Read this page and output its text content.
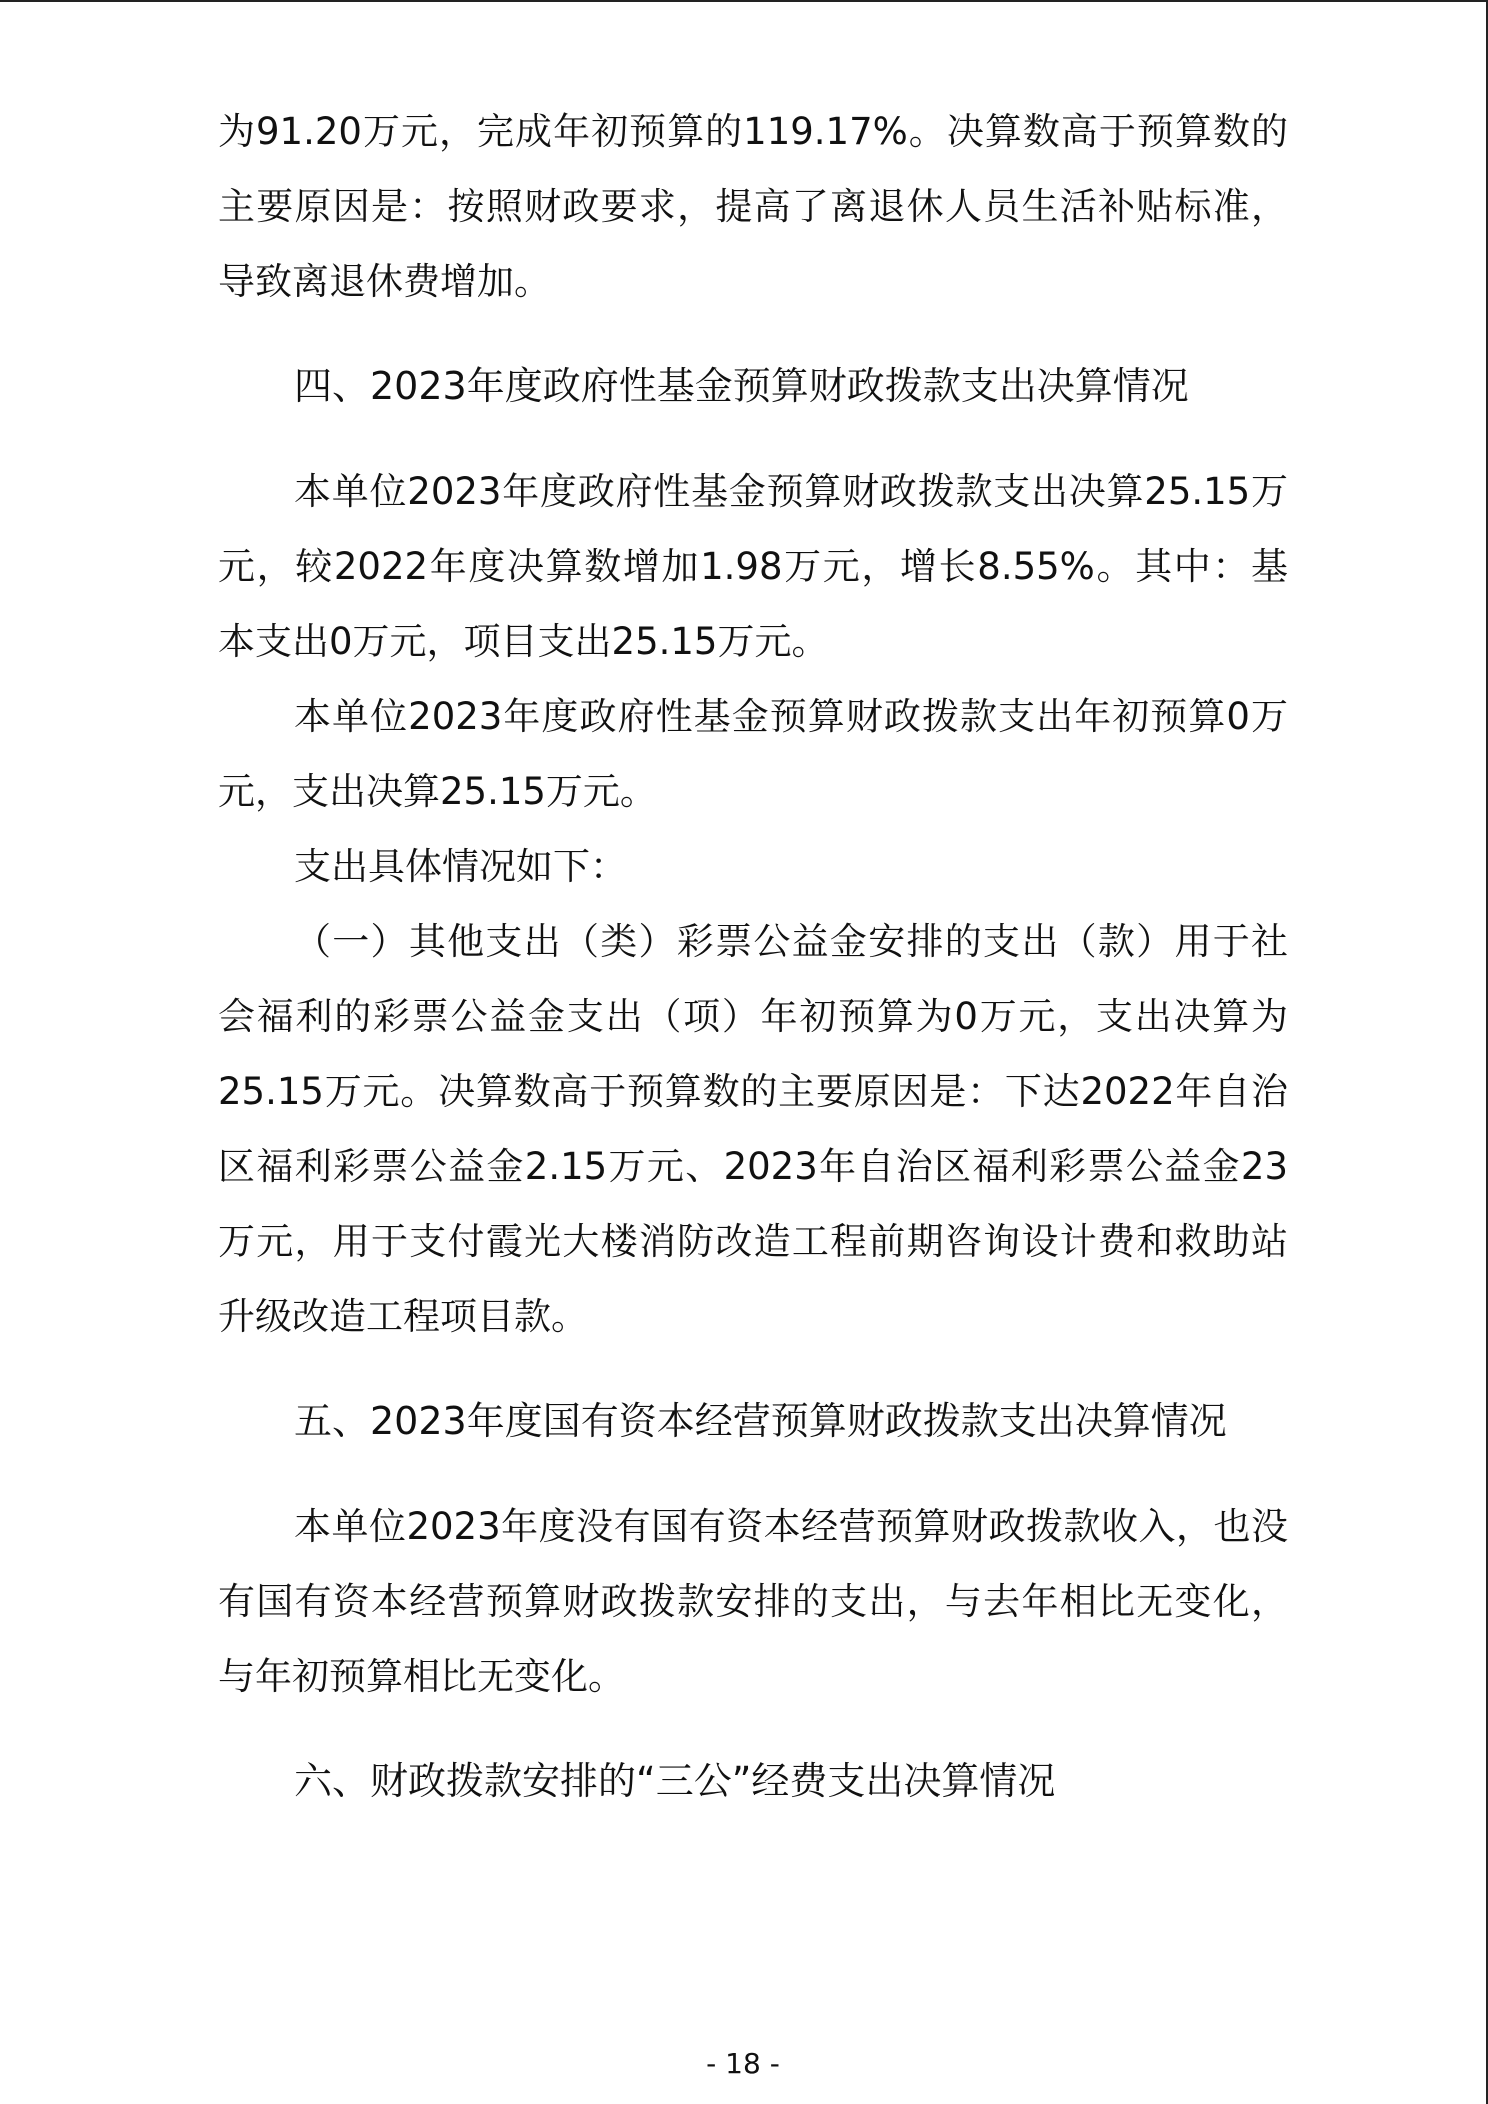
为91.20万元，完成年初预算的119.17%。决算数高于预算数的主要原因是：按照财政要求，提高了离退休人员生活补贴标准，导致离退休费增加。

四、2023年度政府性基金预算财政拨款支出决算情况

本单位2023年度政府性基金预算财政拨款支出决算25.15万元，较2022年度决算数增加1.98万元，增长8.55%。其中：基本支出0万元，项目支出25.15万元。

本单位2023年度政府性基金预算财政拨款支出年初预算0万元，支出决算25.15万元。

支出具体情况如下：

（一）其他支出（类）彩票公益金安排的支出（款）用于社会福利的彩票公益金支出（项）年初预算为0万元，支出决算为25.15万元。决算数高于预算数的主要原因是：下达2022年自治区福利彩票公益金2.15万元、2023年自治区福利彩票公益金23万元，用于支付霞光大楼消防改造工程前期咨询设计费和救助站升级改造工程项目款。

五、2023年度国有资本经营预算财政拨款支出决算情况

本单位2023年度没有国有资本经营预算财政拨款收入，也没有国有资本经营预算财政拨款安排的支出，与去年相比无变化，与年初预算相比无变化。

六、财政拨款安排的“三公”经费支出决算情况

- 18 -
